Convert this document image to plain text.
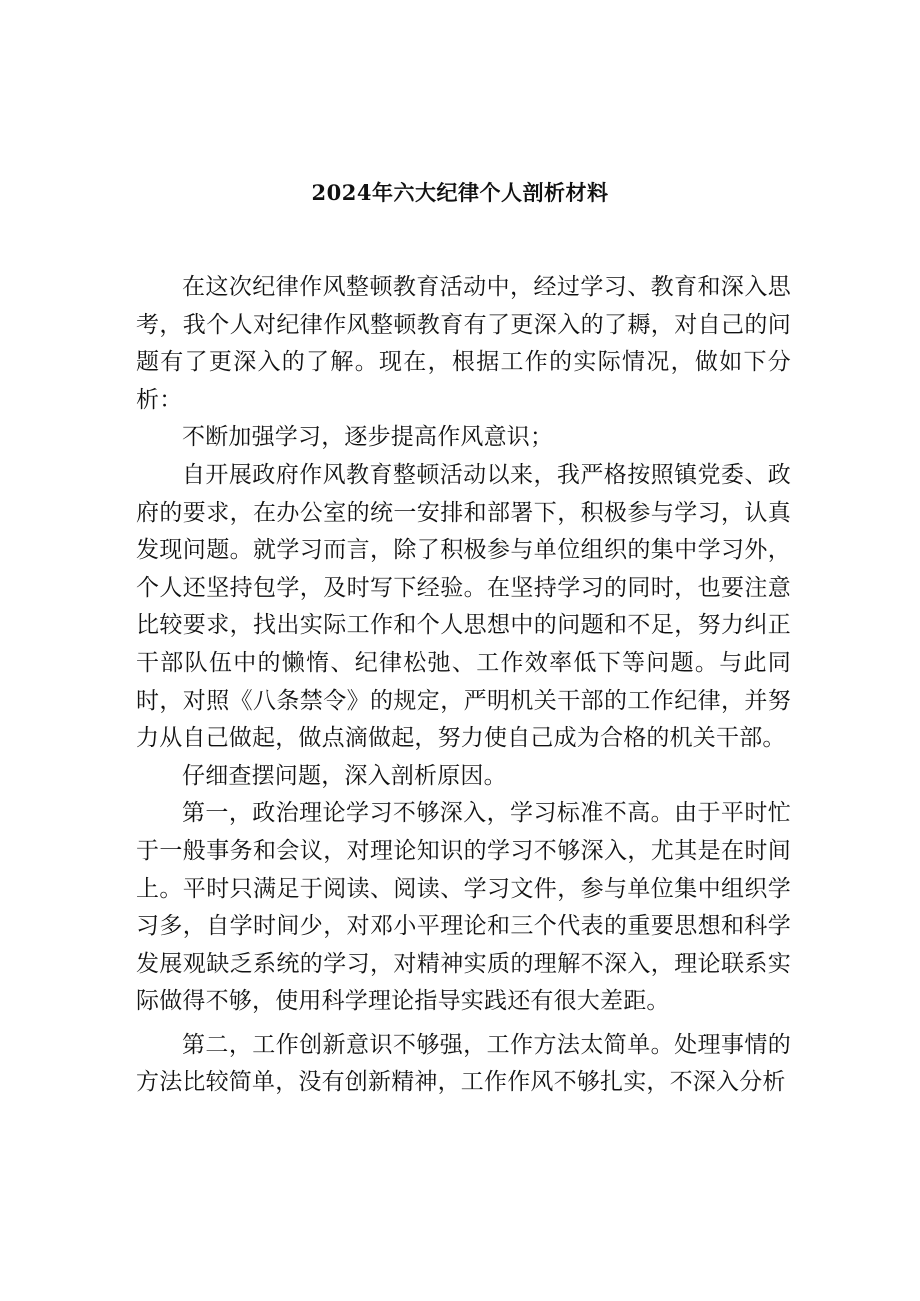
2024年六大纪律个人剖析材料

在这次纪律作风整顿教育活动中，经过学习、教育和深入思考，我个人对纪律作风整顿教育有了更深入的了耨，对自己的问题有了更深入的了解。现在，根据工作的实际情况，做如下分析：

不断加强学习，逐步提高作风意识；

自开展政府作风教育整顿活动以来，我严格按照镇党委、政府的要求，在办公室的统一安排和部署下，积极参与学习，认真发现问题。就学习而言，除了积极参与单位组织的集中学习外，个人还坚持包学，及时写下经验。在坚持学习的同时，也要注意比较要求，找出实际工作和个人思想中的问题和不足，努力纠正干部队伍中的懒惰、纪律松弛、工作效率低下等问题。与此同时，对照《八条禁令》的规定，严明机关干部的工作纪律，并努力从自己做起，做点滴做起，努力使自己成为合格的机关干部。

仔细查摆问题，深入剖析原因。

第一，政治理论学习不够深入，学习标准不高。由于平时忙于一般事务和会议，对理论知识的学习不够深入，尤其是在时间上。平时只满足于阅读、阅读、学习文件，参与单位集中组织学习多，自学时间少，对邓小平理论和三个代表的重要思想和科学发展观缺乏系统的学习，对精神实质的理解不深入，理论联系实际做得不够，使用科学理论指导实践还有很大差距。

第二，工作创新意识不够强，工作方法太简单。处理事情的方法比较简单，没有创新精神，工作作风不够扎实，不深入分析
